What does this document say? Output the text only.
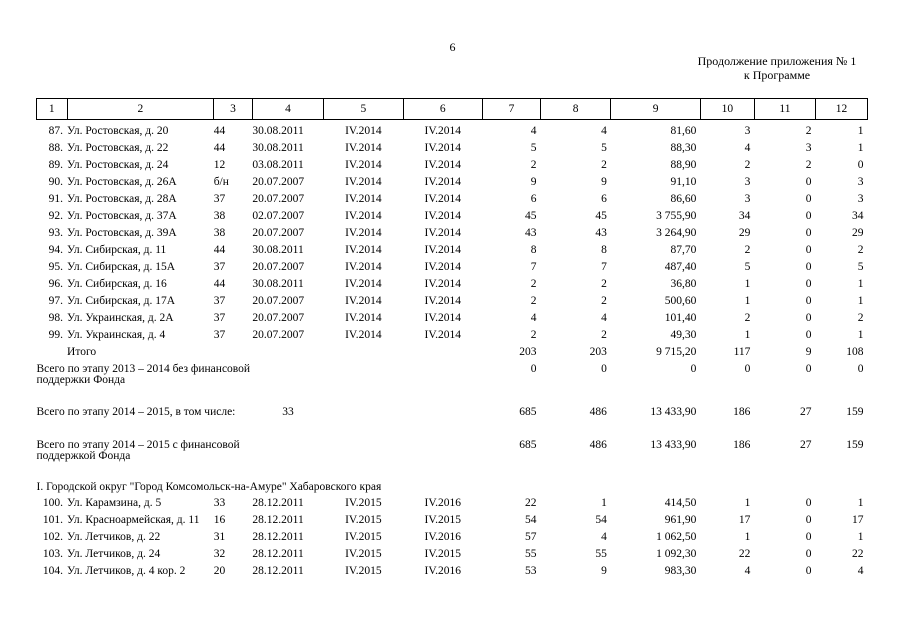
6
Продолжение приложения № 1
к Программе
1	2	3	4	5	6	7	8	9	10	11	12

87.	Ул. Ростовская, д. 20	44	30.08.2011	IV.2014	IV.2014	4	4	81,60	3	2	1
88.	Ул. Ростовская, д. 22	44	30.08.2011	IV.2014	IV.2014	5	5	88,30	4	3	1
89.	Ул. Ростовская, д. 24	12	03.08.2011	IV.2014	IV.2014	2	2	88,90	2	2	0
90.	Ул. Ростовская, д. 26А	б/н	20.07.2007	IV.2014	IV.2014	9	9	91,10	3	0	3
91.	Ул. Ростовская, д. 28А	37	20.07.2007	IV.2014	IV.2014	6	6	86,60	3	0	3
92.	Ул. Ростовская, д. 37А	38	02.07.2007	IV.2014	IV.2014	45	45	3 755,90	34	0	34
93.	Ул. Ростовская, д. 39А	38	20.07.2007	IV.2014	IV.2014	43	43	3 264,90	29	0	29
94.	Ул. Сибирская, д. 11	44	30.08.2011	IV.2014	IV.2014	8	8	87,70	2	0	2
95.	Ул. Сибирская, д. 15А	37	20.07.2007	IV.2014	IV.2014	7	7	487,40	5	0	5
96.	Ул. Сибирская, д. 16	44	30.08.2011	IV.2014	IV.2014	2	2	36,80	1	0	1
97.	Ул. Сибирская, д. 17А	37	20.07.2007	IV.2014	IV.2014	2	2	500,60	1	0	1
98.	Ул. Украинская, д. 2А	37	20.07.2007	IV.2014	IV.2014	4	4	101,40	2	0	2
99.	Ул. Украинская, д. 4	37	20.07.2007	IV.2014	IV.2014	2	2	49,30	1	0	1
	Итого					203	203	9 715,20	117	9	108
Всего по этапу 2013 – 2014 без финансовой поддержки Фонда						0	0	0	0	0	0

Всего по этапу 2014 – 2015, в том числе:			33			685	486	13 433,90	186	27	159

Всего по этапу 2014 – 2015 с финансовой поддержкой Фонда						685	486	13 433,90	186	27	159

I. Городской округ "Город Комсомольск-на-Амуре" Хабаровского края											
100.	Ул. Карамзина, д. 5	33	28.12.2011	IV.2015	IV.2016	22	1	414,50	1	0	1
101.	Ул. Красноармейская, д. 11	16	28.12.2011	IV.2015	IV.2015	54	54	961,90	17	0	17
102.	Ул. Летчиков, д. 22	31	28.12.2011	IV.2015	IV.2016	57	4	1 062,50	1	0	1
103.	Ул. Летчиков, д. 24	32	28.12.2011	IV.2015	IV.2015	55	55	1 092,30	22	0	22
104.	Ул. Летчиков, д. 4 кор. 2	20	28.12.2011	IV.2015	IV.2016	53	9	983,30	4	0	4
